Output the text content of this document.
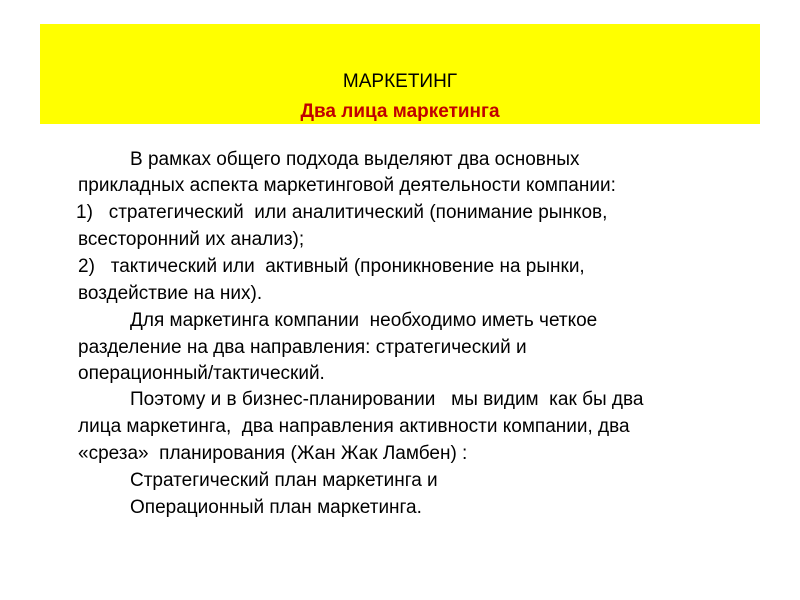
МАРКЕТИНГ
Два лица маркетинга
В рамках общего подхода выделяют два основных
прикладных аспекта маркетинговой деятельности компании:
1)   стратегический  или аналитический (понимание рынков,
всесторонний их анализ);
2)   тактический или  активный (проникновение на рынки,
воздействие на них).
Для маркетинга компании  необходимо иметь четкое
разделение на два направления: стратегический и
операционный/тактический.
Поэтому и в бизнес-планировании   мы видим  как бы два
лица маркетинга,  два направления активности компании, два
«среза»  планирования (Жан Жак Ламбен) :
Стратегический план маркетинга и
Операционный план маркетинга.
